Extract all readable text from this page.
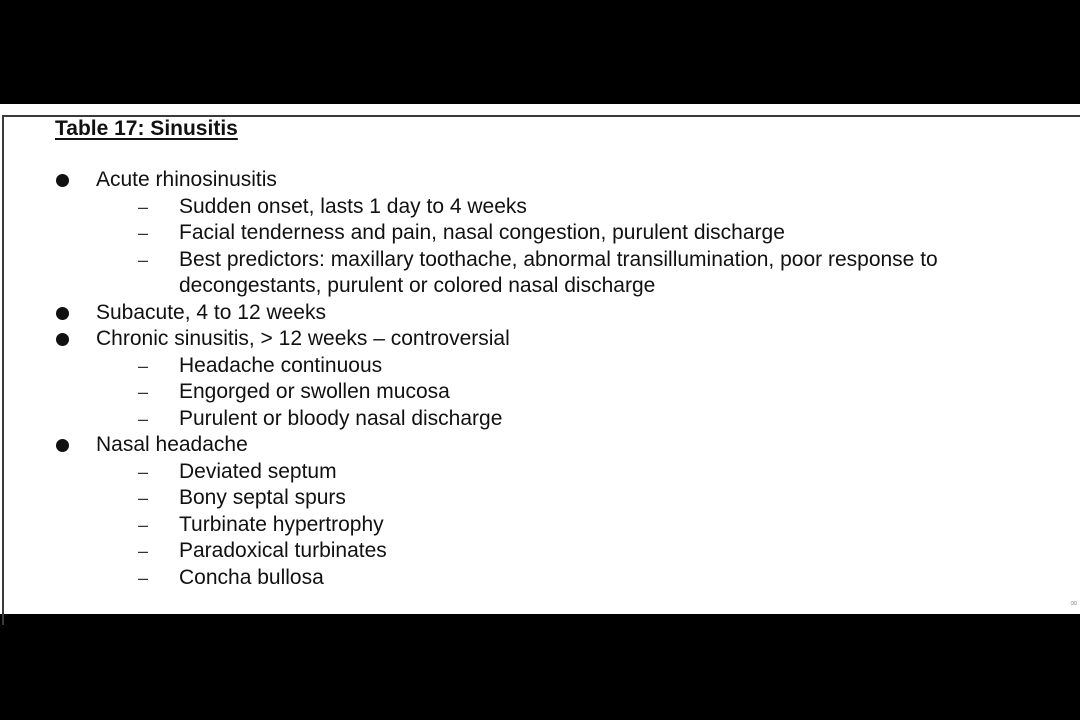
Table 17: Sinusitis
Acute rhinosinusitis
–	Sudden onset, lasts 1 day to 4 weeks
–	Facial tenderness and pain, nasal congestion, purulent discharge
–	Best predictors: maxillary toothache, abnormal transillumination, poor response to decongestants, purulent or colored nasal discharge
Subacute, 4 to 12 weeks
Chronic sinusitis, > 12 weeks – controversial
–	Headache continuous
–	Engorged or swollen mucosa
–	Purulent or bloody nasal discharge
Nasal headache
–	Deviated septum
–	Bony septal spurs
–	Turbinate hypertrophy
–	Paradoxical turbinates
–	Concha bullosa
∞
